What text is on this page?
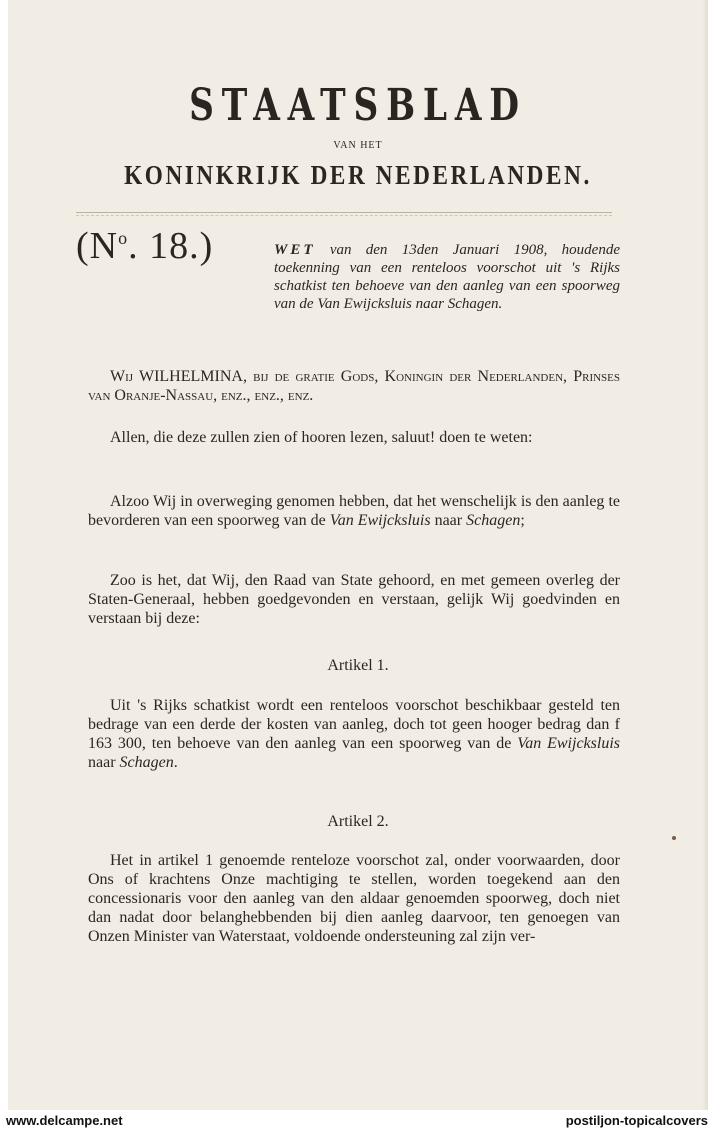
STAATSBLAD
VAN HET
KONINKRIJK DER NEDERLANDEN.
($N^o$. 18.)	WET van den 13den Januari 1908, houdende toekenning van een renteloos voorschot uit 's Rijks schatkist ten behoeve van den aanleg van een spoorweg van de Van Ewijcksluis naar Schagen.
Wij WILHELMINA, bij de gratie Gods, Koningin der Nederlanden, Prinses van Oranje-Nassau, enz., enz., enz.
Allen, die deze zullen zien of hooren lezen, saluut! doen te weten:
Alzoo Wij in overweging genomen hebben, dat het wenschelijk is den aanleg te bevorderen van een spoorweg van de Van Ewijcksluis naar Schagen;
Zoo is het, dat Wij, den Raad van State gehoord, en met gemeen overleg der Staten-Generaal, hebben goedgevonden en verstaan, gelijk Wij goedvinden en verstaan bij deze:
Artikel 1.
Uit 's Rijks schatkist wordt een renteloos voorschot beschikbaar gesteld ten bedrage van een derde der kosten van aanleg, doch tot geen hooger bedrag dan f 163 300, ten behoeve van den aanleg van een spoorweg van de Van Ewijcksluis naar Schagen.
Artikel 2.
Het in artikel 1 genoemde renteloze voorschot zal, onder voorwaarden, door Ons of krachtens Onze machtiging te stellen, worden toegekend aan den concessionaris voor den aanleg van den aldaar genoemden spoorweg, doch niet dan nadat door belanghebbenden bij dien aanleg daarvoor, ten genoegen van Onzen Minister van Waterstaat, voldoende ondersteuning zal zijn ver-
www.delcampe.net	postiljon-topicalcovers
